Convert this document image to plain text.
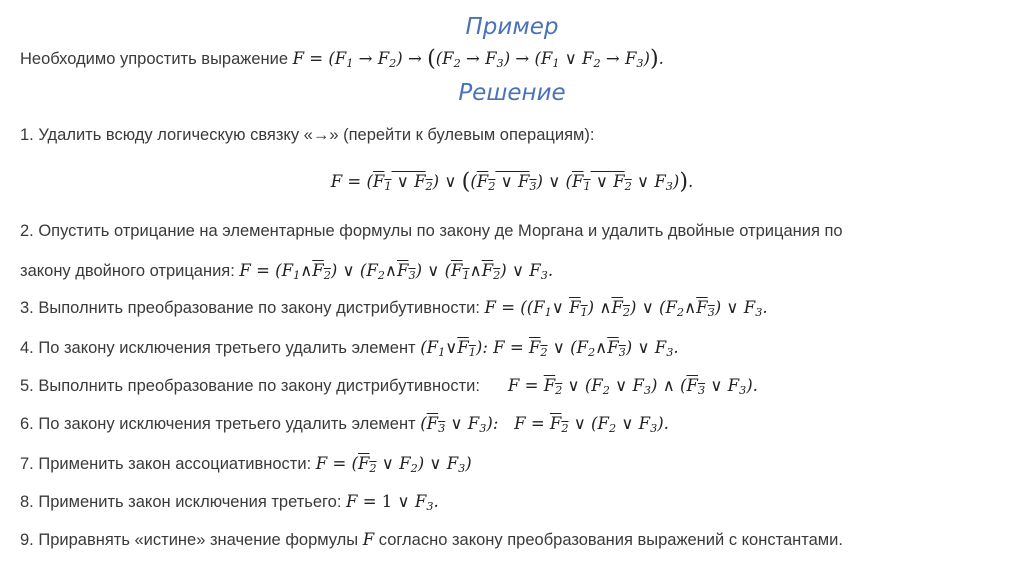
Пример
Решение
Необходимо упростить выражение $F = (F_1 \to F_2) \to ((F_2 \to F_3) \to (F_1$ ∨ $F_2 \to F_3$)).
1. Удалить всюду логическую связку «→» (перейти к булевым операциям):
$F = (F_1$ ∨ $F_2$) ∨ (($F_2$ ∨ $F_3$) ∨ ($F_1$ ∨ $F_2$ ∨ $F_3$)).
2. Опустить отрицание на элементарные формулы по закону де Моргана и удалить двойные отрицания по
закону двойного отрицания: $F = (F_1\wedge F_2)$ ∨ $(F_2\wedge F_3)$ ∨ $(F_1\wedge F_2)$ ∨ $F_3$.
3. Выполнить преобразование по закону дистрибутивности: $F = ((F_1\vee$ $F_1$) $\wedge F_2$) ∨ $(F_2\wedge F_3)$ ∨ $F_3$.
4. По закону исключения третьего удалить элемент $(F_1\vee F_1)$: $F = F_2$ ∨ $(F_2\wedge F_3)$ ∨ $F_3$.
5. Выполнить преобразование по закону дистрибутивности: $F = F_2$ ∨ ($F_2$ ∨ $F_3$) ∧ ($F_3$ ∨ $F_3$).
6. По закону исключения третьего удалить элемент ($F_3$ ∨ $F_3$):   $F = F_2$ ∨ ($F_2$ ∨ $F_3$).
7. Применить закон ассоциативности: $F = (F_2$ ∨ $F_2$) ∨ $F_3$)
8. Применить закон исключения третьего: F = 1 ∨ $F_3$.
9. Приравнять «истине» значение формулы F согласно закону преобразования выражений с константами.
